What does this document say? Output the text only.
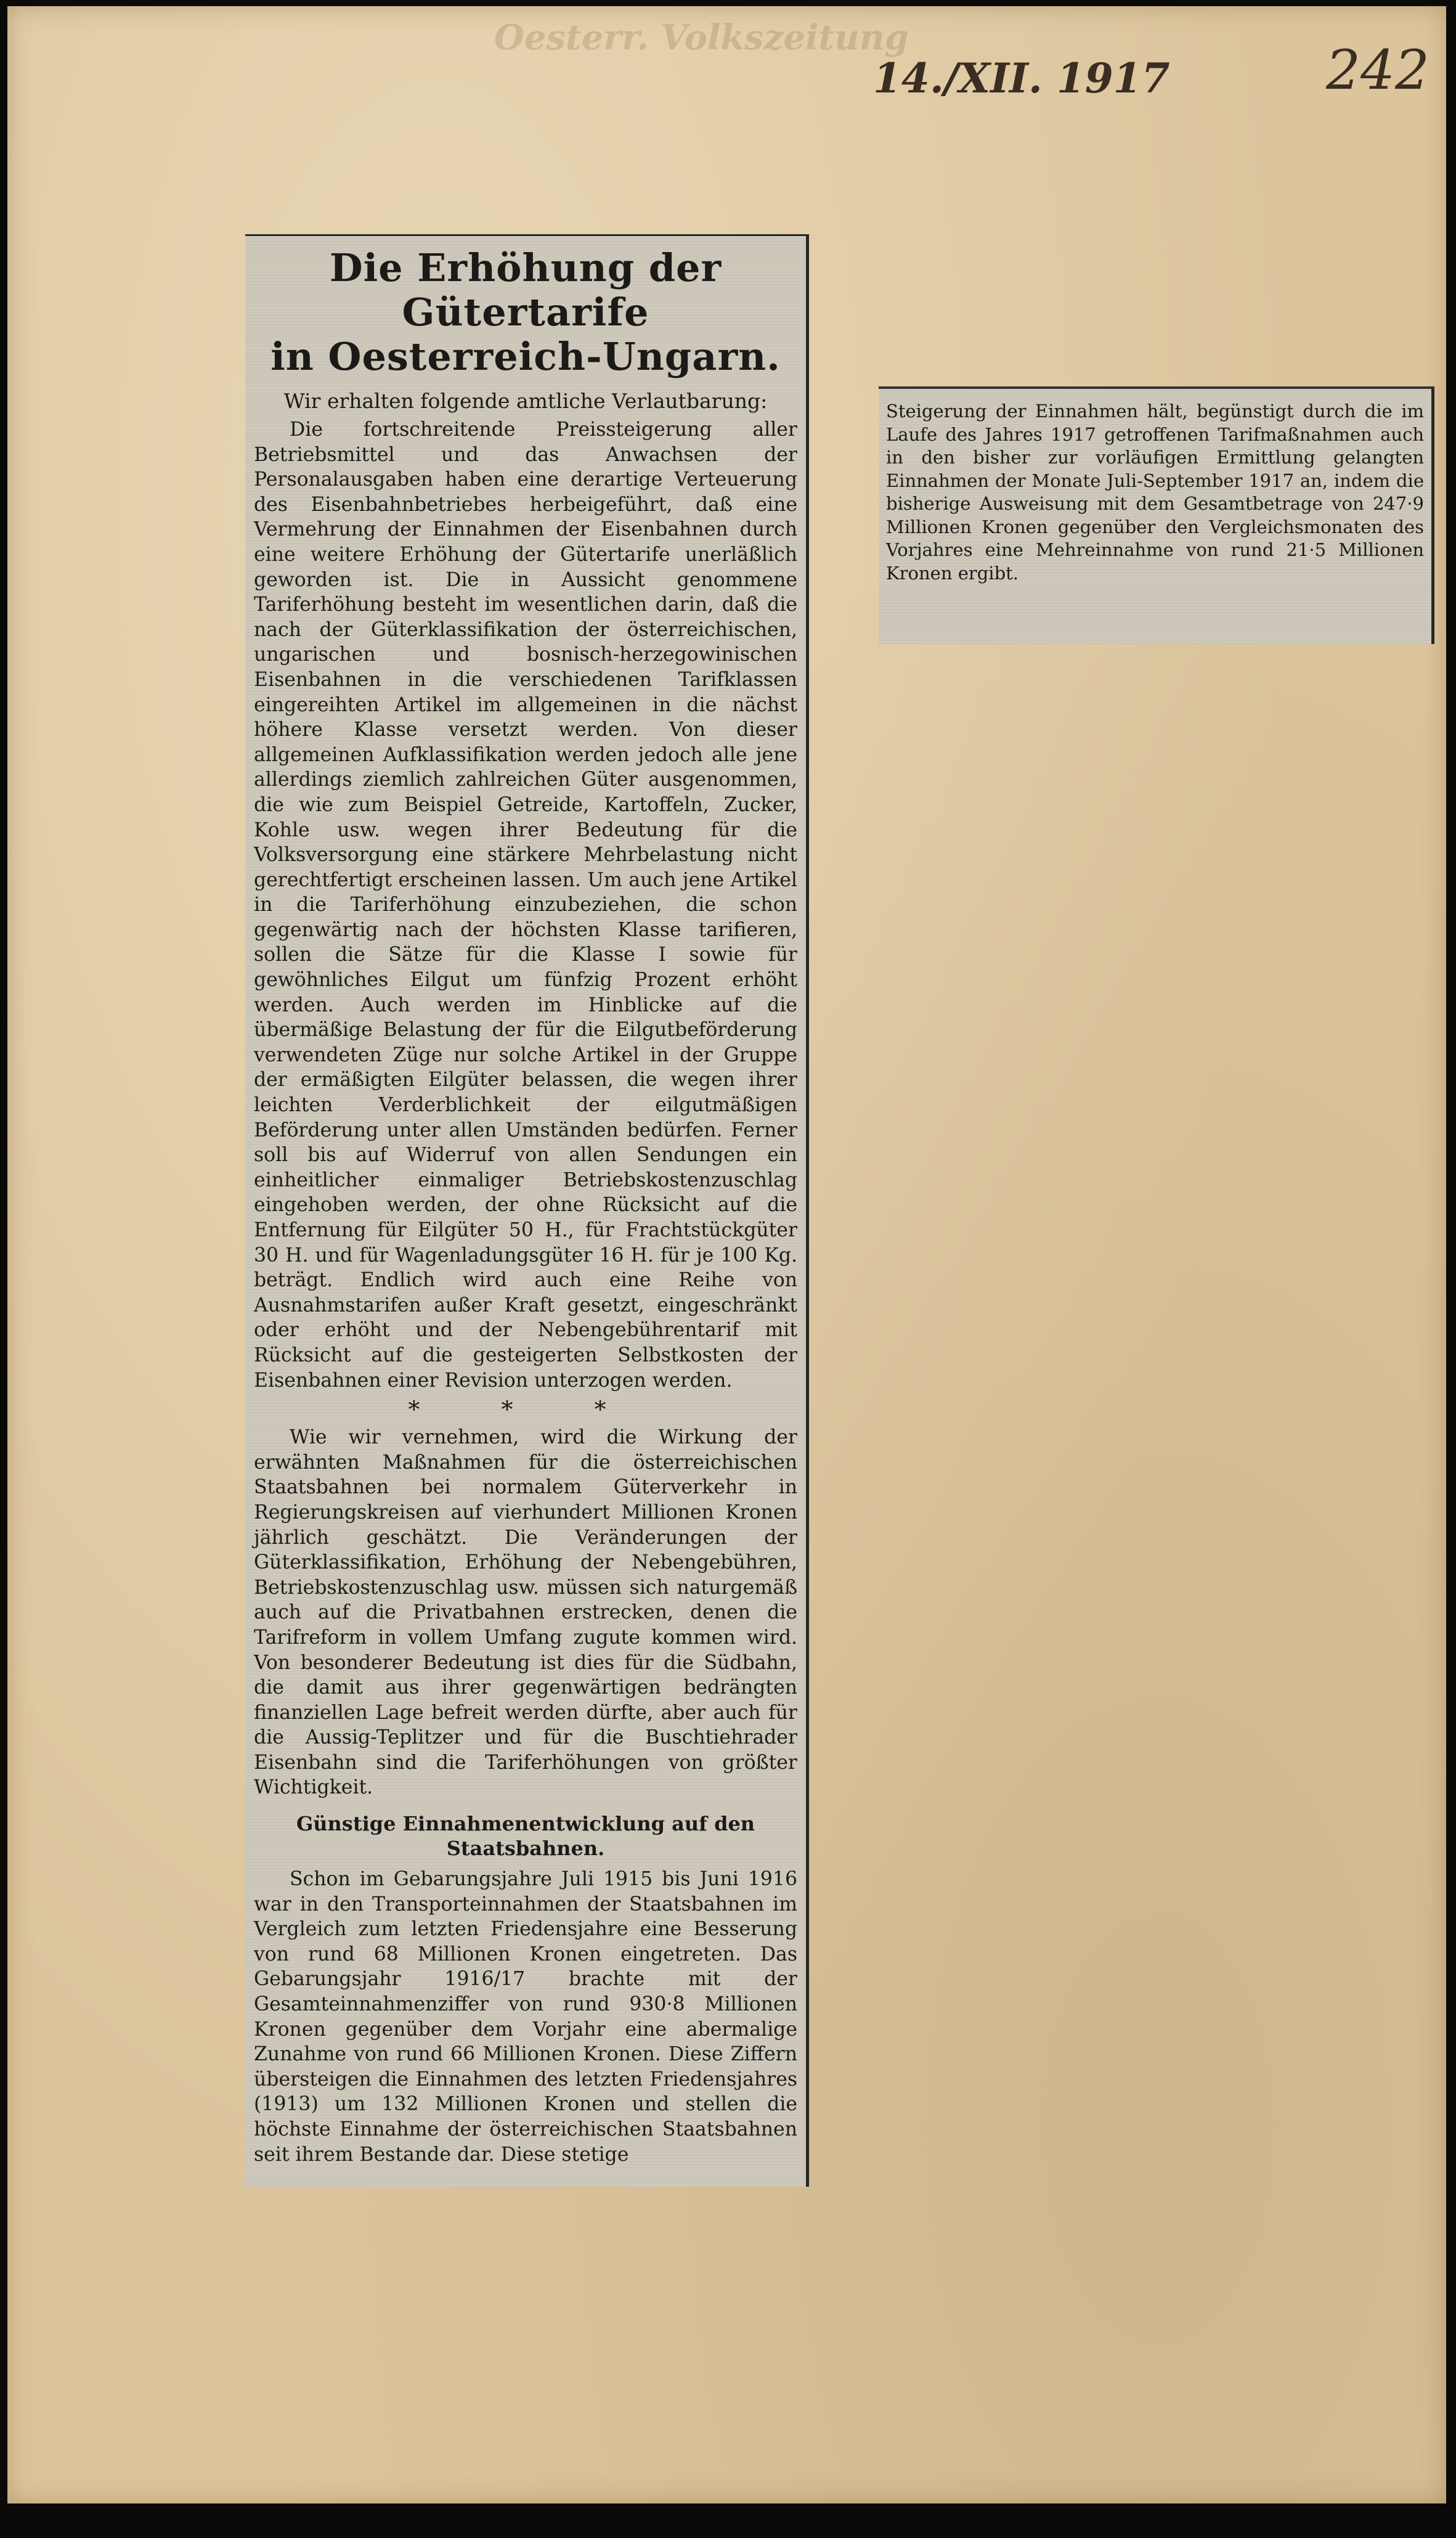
Oesterr. Volkszeitung
14./XII. 1917	242
Die Erhöhung der Gütertarife
in Oesterreich-Ungarn.

Wir erhalten folgende amtliche Verlautbarung:

Die fortschreitende Preissteigerung aller Betriebsmittel und das Anwachsen der Personalausgaben haben eine derartige Verteuerung des Eisenbahnbetriebes herbeigeführt, daß eine Vermehrung der Einnahmen der Eisenbahnen durch eine weitere Erhöhung der Gütertarife unerläßlich geworden ist. Die in Aussicht genommene Tariferhöhung besteht im wesentlichen darin, daß die nach der Güterklassifikation der österreichischen, ungarischen und bosnisch-herzegowinischen Eisenbahnen in die verschiedenen Tarifklassen eingereihten Artikel im allgemeinen in die nächst höhere Klasse versetzt werden. Von dieser allgemeinen Aufklassifikation werden jedoch alle jene allerdings ziemlich zahlreichen Güter ausgenommen, die wie zum Beispiel Getreide, Kartoffeln, Zucker, Kohle usw. wegen ihrer Bedeutung für die Volksversorgung eine stärkere Mehrbelastung nicht gerechtfertigt erscheinen lassen. Um auch jene Artikel in die Tariferhöhung einzubeziehen, die schon gegenwärtig nach der höchsten Klasse tarifieren, sollen die Sätze für die Klasse I sowie für gewöhnliches Eilgut um fünfzig Prozent erhöht werden. Auch werden im Hinblicke auf die übermäßige Belastung der für die Eilgutbeförderung verwendeten Züge nur solche Artikel in der Gruppe der ermäßigten Eilgüter belassen, die wegen ihrer leichten Verderblichkeit der eilgutmäßigen Beförderung unter allen Umständen bedürfen. Ferner soll bis auf Widerruf von allen Sendungen ein einheitlicher einmaliger Betriebskostenzuschlag eingehoben werden, der ohne Rücksicht auf die Entfernung für Eilgüter 50 H., für Frachtstückgüter 30 H. und für Wagenladungsgüter 16 H. für je 100 Kg. beträgt. Endlich wird auch eine Reihe von Ausnahmstarifen außer Kraft gesetzt, eingeschränkt oder erhöht und der Nebengebührentarif mit Rücksicht auf die gesteigerten Selbstkosten der Eisenbahnen einer Revision unterzogen werden.

* * *

Wie wir vernehmen, wird die Wirkung der erwähnten Maßnahmen für die österreichischen Staatsbahnen bei normalem Güterverkehr in Regierungskreisen auf vierhundert Millionen Kronen jährlich geschätzt. Die Veränderungen der Güterklassifikation, Erhöhung der Nebengebühren, Betriebskostenzuschlag usw. müssen sich naturgemäß auch auf die Privatbahnen erstrecken, denen die Tarifreform in vollem Umfang zugute kommen wird. Von besonderer Bedeutung ist dies für die Südbahn, die damit aus ihrer gegenwärtigen bedrängten finanziellen Lage befreit werden dürfte, aber auch für die Aussig-Teplitzer und für die Buschtiehrader Eisenbahn sind die Tariferhöhungen von größter Wichtigkeit.

Günstige Einnahmenentwicklung auf den Staatsbahnen.

Schon im Gebarungsjahre Juli 1915 bis Juni 1916 war in den Transporteinnahmen der Staatsbahnen im Vergleich zum letzten Friedensjahre eine Besserung von rund 68 Millionen Kronen eingetreten. Das Gebarungsjahr 1916/17 brachte mit der Gesamteinnahmenziffer von rund 930·8 Millionen Kronen gegenüber dem Vorjahr eine abermalige Zunahme von rund 66 Millionen Kronen. Diese Ziffern übersteigen die Einnahmen des letzten Friedensjahres (1913) um 132 Millionen Kronen und stellen die höchste Einnahme der österreichischen Staatsbahnen seit ihrem Bestande dar. Diese stetige

Steigerung der Einnahmen hält, begünstigt durch die im Laufe des Jahres 1917 getroffenen Tarifmaßnahmen auch in den bisher zur vorläufigen Ermittlung gelangten Einnahmen der Monate Juli-September 1917 an, indem die bisherige Ausweisung mit dem Gesamtbetrage von 247·9 Millionen Kronen gegenüber den Vergleichsmonaten des Vorjahres eine Mehreinnahme von rund 21·5 Millionen Kronen ergibt.
